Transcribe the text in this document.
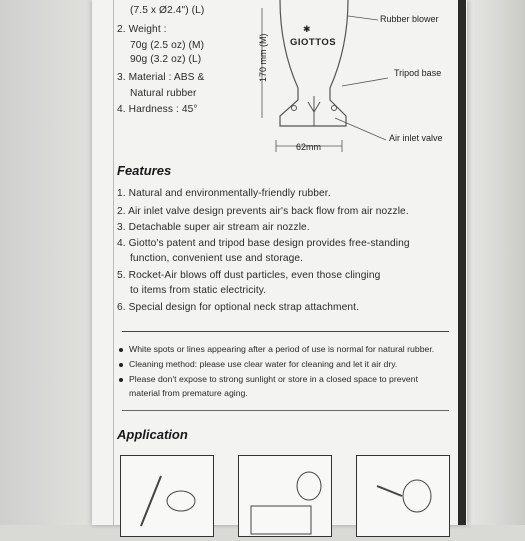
(7.5 x Ø2.4") (L)
2. Weight :
70g (2.5 oz) (M)
90g (3.2 oz) (L)
3. Material : ABS &
Natural rubber
4. Hardness : 45°
170 mm (M) GIOTTOS
✱
Rubber blower
Tripod base
Air inlet valve
62mm
Features
1. Natural and environmentally-friendly rubber.
2. Air inlet valve design prevents air's back flow from air nozzle.
3. Detachable super air stream air nozzle.
4. Giotto's patent and tripod base design provides free-standing
function, convenient use and storage.
5. Rocket-Air blows off dust particles, even those clinging
to items from static electricity.
6. Special design for optional neck strap attachment.
White spots or lines appearing after a period of use is normal for natural rubber.
Cleaning method: please use clear water for cleaning and let it air dry.
Please don't expose to strong sunlight or store in a closed space to prevent
material from premature aging.
Application
